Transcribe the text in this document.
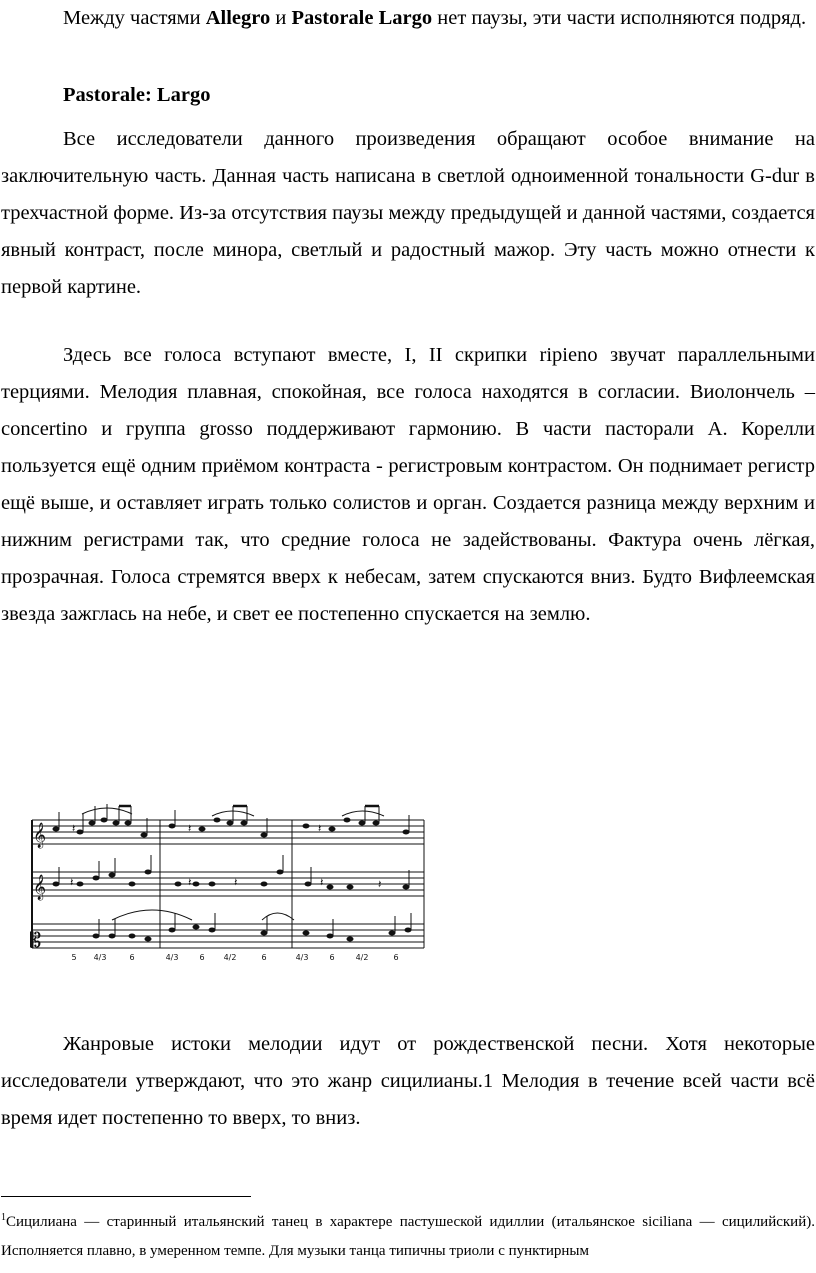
Между частями Allegro и Pastorale Largo нет паузы, эти части исполняются подряд.

Pastorale: Largo

Все исследователи данного произведения обращают особое внимание на заключительную часть. Данная часть написана в светлой одноименной тональности G-dur в трехчастной форме. Из-за отсутствия паузы между предыдущей и данной частями, создается явный контраст, после минора, светлый и радостный мажор. Эту часть можно отнести к первой картине.

Здесь все голоса вступают вместе, I, II скрипки ripieno звучат параллельными терциями. Мелодия плавная, спокойная, все голоса находятся в согласии. Виолончель – concertino и группа grosso поддерживают гармонию. В части пасторали А. Корелли пользуется ещё одним приёмом контраста - регистровым контрастом. Он поднимает регистр ещё выше, и оставляет играть только солистов и орган. Создается разница между верхним и нижним регистрами так, что средние голоса не задействованы. Фактура очень лёгкая, прозрачная. Голоса стремятся вверх к небесам, затем спускаются вниз. Будто Вифлеемская звезда зажглась на небе, и свет ее постепенно спускается на землю.

𝄞
𝄞
𝄡
𝄽	𝄽	𝄽
𝄽	𝄽	𝄽
𝄽	𝄽
5 4/3	6	4/3	6 4/2	6	4/3	6	4/2	6

Жанровые истоки мелодии идут от рождественской песни. Хотя некоторые исследователи утверждают, что это жанр сицилианы.1 Мелодия в течение всей части всё время идет постепенно то вверх, то вниз.

$^1$Сицилиана — старинный итальянский танец в характере пастушеской идиллии (итальянское siciliana — сицилийский). Исполняется плавно, в умеренном темпе. Для музыки танца типичны триоли с пунктирным
